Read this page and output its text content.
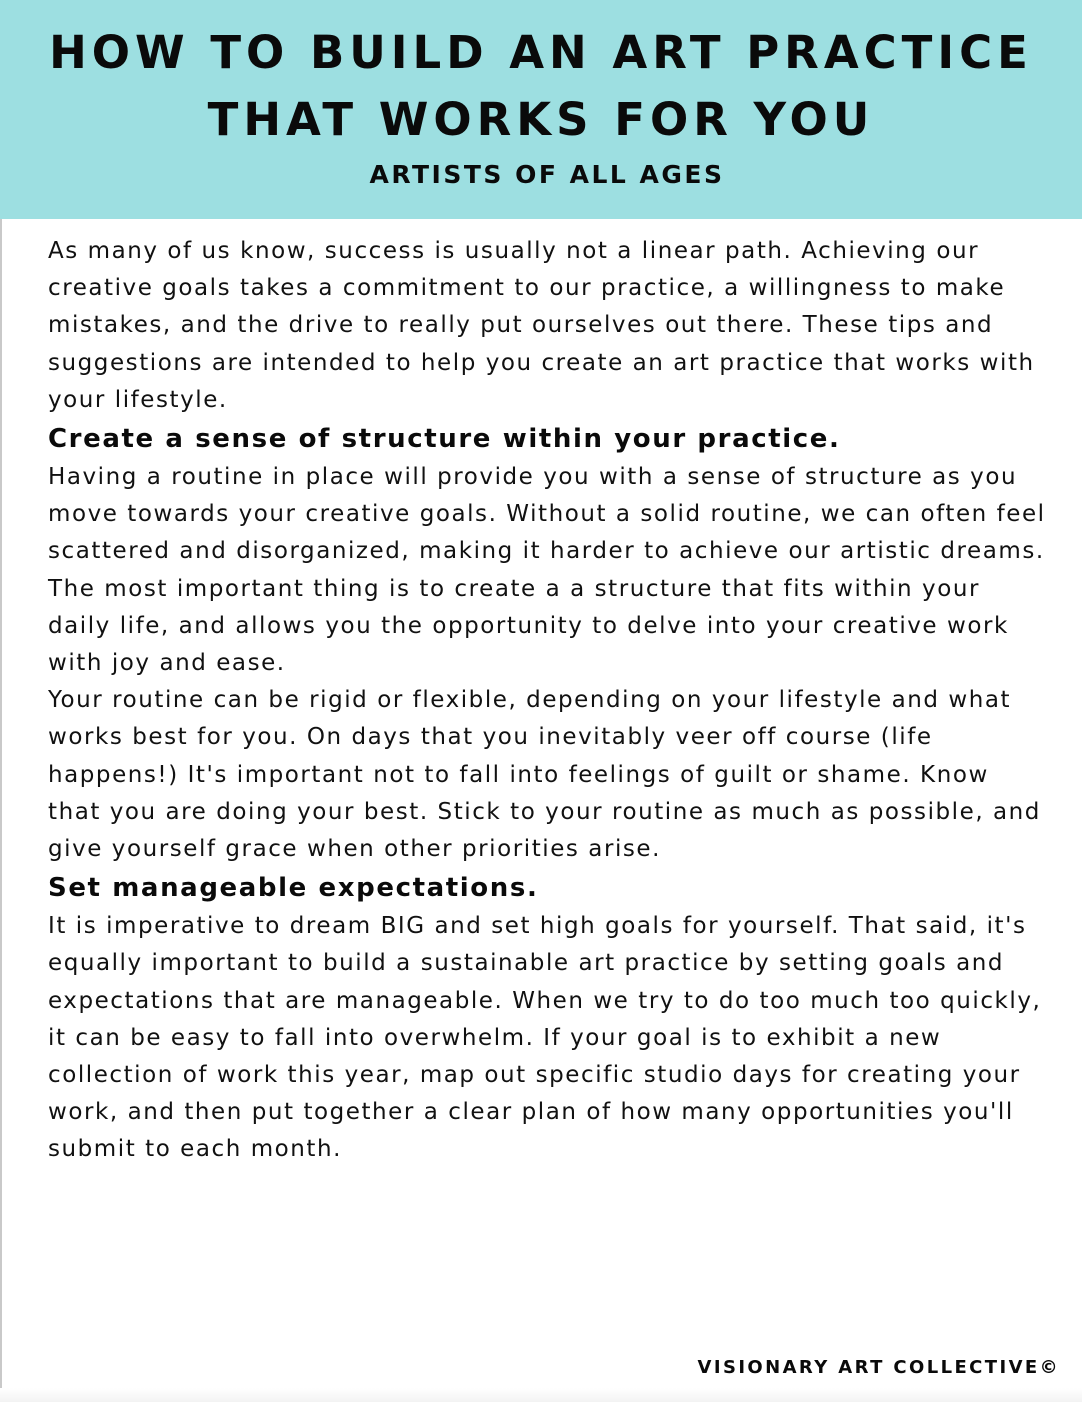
HOW TO BUILD AN ART PRACTICE
THAT WORKS FOR YOU
ARTISTS OF ALL AGES

As many of us know, success is usually not a linear path. Achieving our creative goals takes a commitment to our practice, a willingness to make mistakes, and the drive to really put ourselves out there. These tips and suggestions are intended to help you create an art practice that works with your lifestyle.

Create a sense of structure within your practice.

Having a routine in place will provide you with a sense of structure as you move towards your creative goals. Without a solid routine, we can often feel scattered and disorganized, making it harder to achieve our artistic dreams. The most important thing is to create a a structure that fits within your daily life, and allows you the opportunity to delve into your creative work with joy and ease.

Your routine can be rigid or flexible, depending on your lifestyle and what works best for you. On days that you inevitably veer off course (life happens!) It's important not to fall into feelings of guilt or shame. Know that you are doing your best. Stick to your routine as much as possible, and give yourself grace when other priorities arise.

Set manageable expectations.

It is imperative to dream BIG and set high goals for yourself. That said, it's equally important to build a sustainable art practice by setting goals and expectations that are manageable. When we try to do too much too quickly, it can be easy to fall into overwhelm. If your goal is to exhibit a new collection of work this year, map out specific studio days for creating your work, and then put together a clear plan of how many opportunities you'll submit to each month.

VISIONARY ART COLLECTIVE©
